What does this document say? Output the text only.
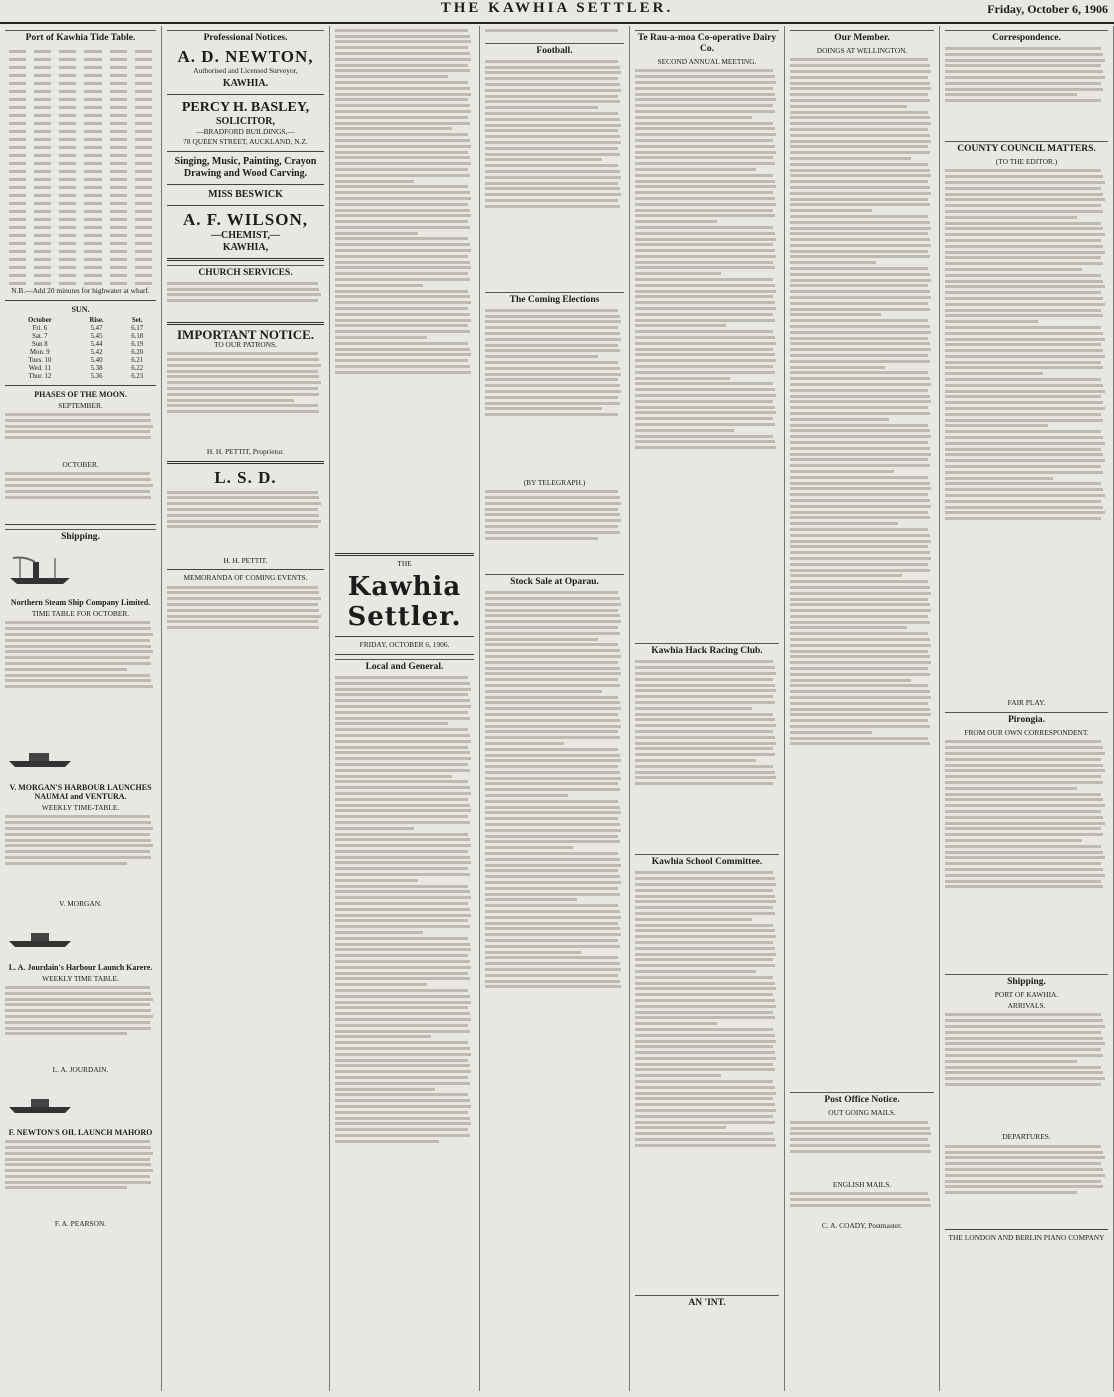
THE KAWHIA SETTLER.	Friday, October 6, 1906
Port of Kawhia Tide Table.

N.B.—Add 20 minutes for highwater at wharf.

SUN.
October	Rise.	Set.
Fri. 6	5.47	6.17
Sat. 7	5.45	6.18
Sun 8	5.44	6.19
Mon. 9	5.42	6.20
Tues. 10	5.40	6.21
Wed. 11	5.38	6.22
Thur. 12	5.36	6.23
PHASES OF THE MOON.

SEPTEMBER.

OCTOBER.

Shipping.
Northern Steam Ship Company Limited.

TIME TABLE FOR OCTOBER.

V. MORGAN'S HARBOUR LAUNCHES NAUMAI and VENTURA.

WEEKLY TIME-TABLE.

V. MORGAN.

L. A. Jourdain's Harbour Launch Karere.

WEEKLY TIME TABLE.

L. A. JOURDAIN.

F. NEWTON'S OIL LAUNCH MAHORO

F. A. PEARSON.

Professional Notices.
A. D. NEWTON,

Authorised and Licensed Surveyor,

KAWHIA.
PERCY H. BASLEY,
SOLICITOR,

—BRADFORD BUILDINGS,—

78 QUEEN STREET, AUCKLAND, N.Z.

Singing, Music, Painting, Crayon Drawing and Wood Carving.
MISS BESWICK
A. F. WILSON,
—CHEMIST,—
KAWHIA,
CHURCH SERVICES.
IMPORTANT NOTICE.

TO OUR PATRONS.

H. H. PETTIT, Proprietor.

L. S. D.

H. H. PETTIT.

MEMORANDA OF COMING EVENTS.

THE

Kawhia Settler.

FRIDAY, OCTOBER 6, 1906.

Local and General.
Football.
The Coming Elections

(BY TELEGRAPH.)

Stock Sale at Oparau.
Te Rau-a-moa Co-operative Dairy Co.

SECOND ANNUAL MEETING.

Kawhia Hack Racing Club.
Kawhia School Committee.
AN 'INT.
Our Member.

DOINGS AT WELLINGTON.

Post Office Notice.

OUT GOING MAILS.

ENGLISH MAILS.

C. A. COADY, Postmaster.

Correspondence.
COUNTY COUNCIL MATTERS.

(TO THE EDITOR.)

FAIR PLAY.

Pirongia.

FROM OUR OWN CORRESPONDENT.

Shipping.

PORT OF KAWHIA.

ARRIVALS.

DEPARTURES.

THE LONDON AND BERLIN PIANO COMPANY
